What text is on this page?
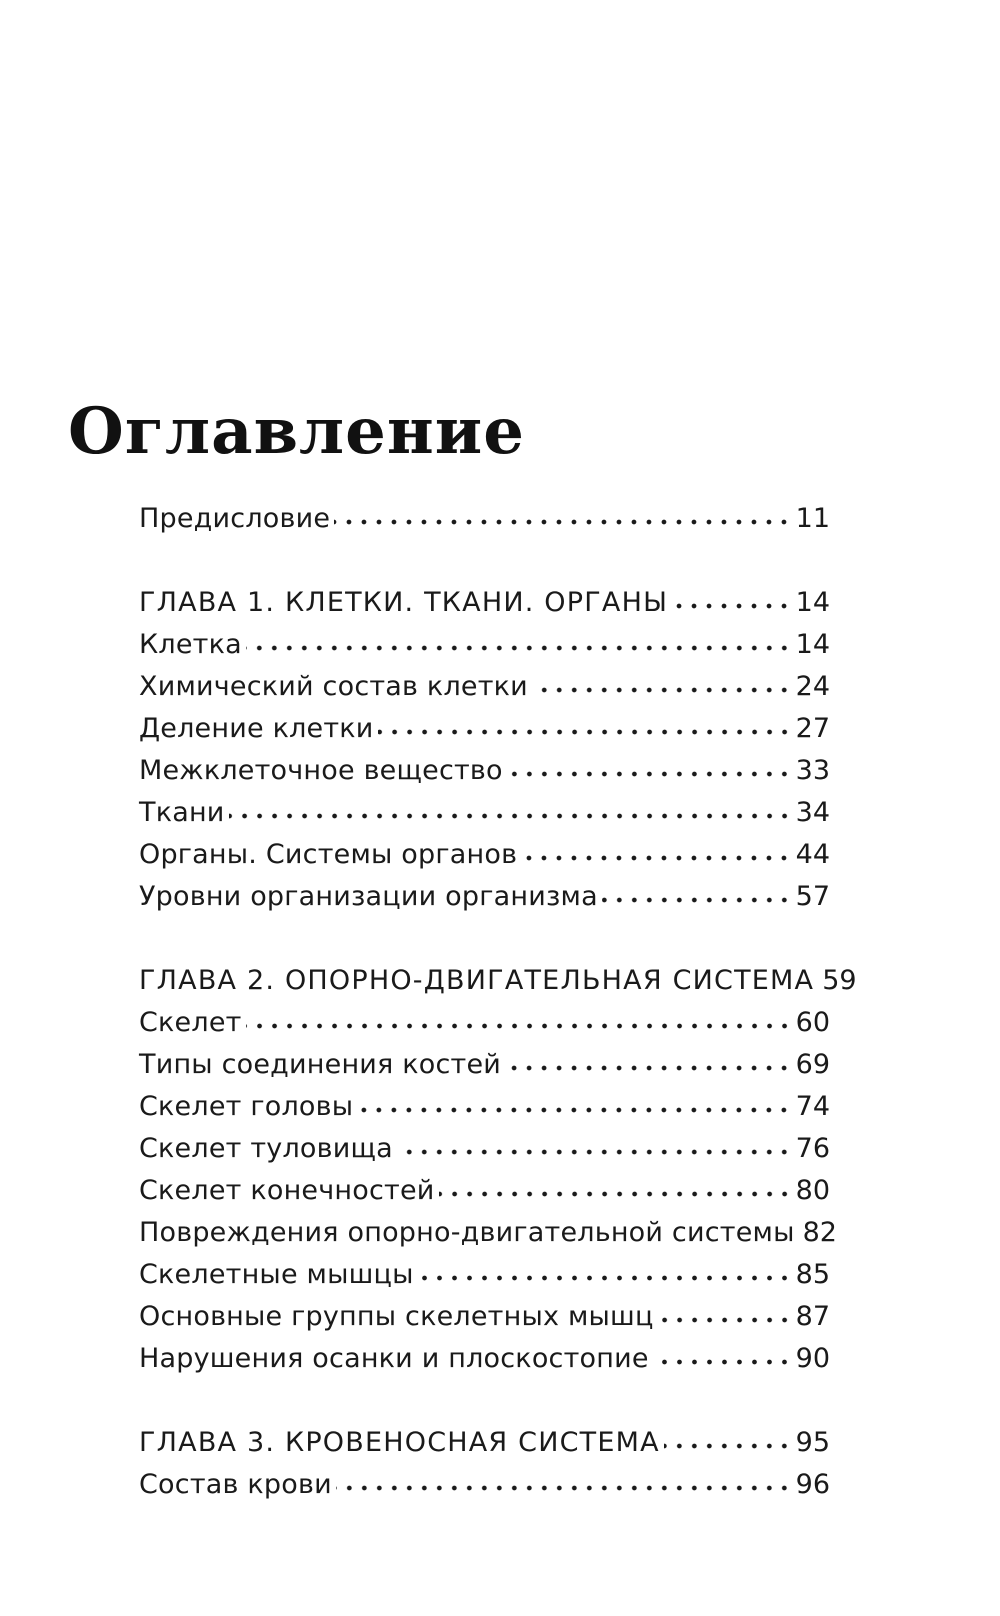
Оглавление
Предисловие	11
ГЛАВА 1. КЛЕТКИ. ТКАНИ. ОРГАНЫ	14
Клетка	14
Химический состав клетки	24
Деление клетки	27
Межклеточное вещество	33
Ткани	34
Органы. Системы органов	44
Уровни организации организма	57
ГЛАВА 2. ОПОРНО-ДВИГАТЕЛЬНАЯ СИСТЕМА 59
Скелет	60
Типы соединения костей	69
Скелет головы	74
Скелет туловища	76
Скелет конечностей	80
Повреждения опорно-двигательной системы 82
Скелетные мышцы	85
Основные группы скелетных мышц	87
Нарушения осанки и плоскостопие	90
ГЛАВА 3. КРОВЕНОСНАЯ СИСТЕМА	95
Состав крови	96
